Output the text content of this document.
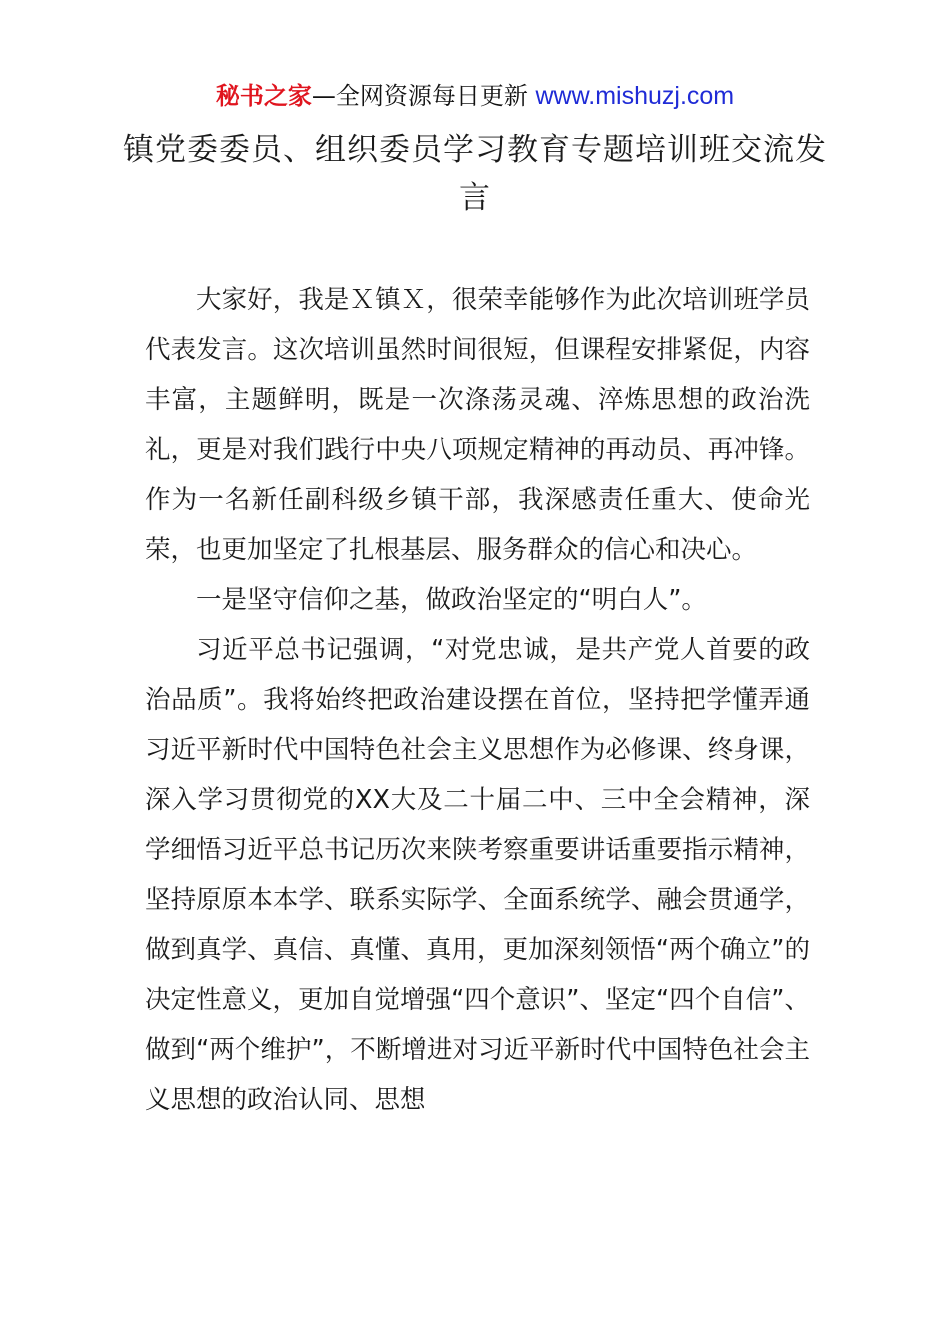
秘书之家—全网资源每日更新 www.mishuzj.com
镇党委委员、组织委员学习教育专题培训班交流发言

大家好，我是Ｘ镇Ｘ，很荣幸能够作为此次培训班学员代表发言。这次培训虽然时间很短，但课程安排紧促，内容丰富，主题鲜明，既是一次涤荡灵魂、淬炼思想的政治洗礼，更是对我们践行中央八项规定精神的再动员、再冲锋。作为一名新任副科级乡镇干部，我深感责任重大、使命光荣，也更加坚定了扎根基层、服务群众的信心和决心。

一是坚守信仰之基，做政治坚定的“明白人”。

习近平总书记强调，“对党忠诚，是共产党人首要的政治品质”。我将始终把政治建设摆在首位，坚持把学懂弄通习近平新时代中国特色社会主义思想作为必修课、终身课，深入学习贯彻党的XX大及二十届二中、三中全会精神，深学细悟习近平总书记历次来陕考察重要讲话重要指示精神，坚持原原本本学、联系实际学、全面系统学、融会贯通学，做到真学、真信、真懂、真用，更加深刻领悟“两个确立”的决定性意义，更加自觉增强“四个意识”、坚定“四个自信”、做到“两个维护”，不断增进对习近平新时代中国特色社会主义思想的政治认同、思想
